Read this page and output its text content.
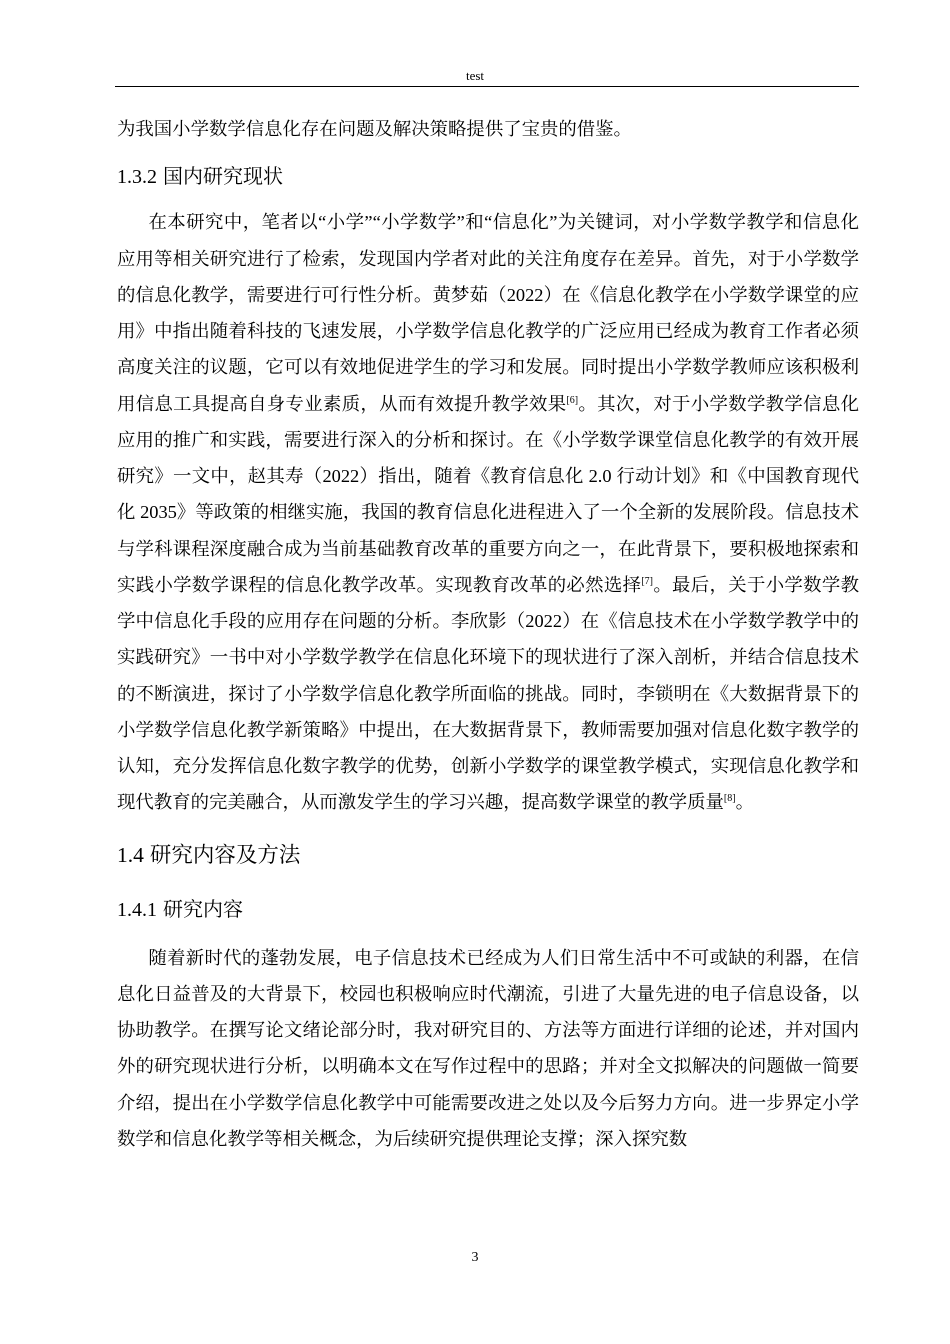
test

为我国小学数学信息化存在问题及解决策略提供了宝贵的借鉴。

1.3.2 国内研究现状

在本研究中，笔者以“小学”“小学数学”和“信息化”为关键词，对小学数学教学和信息化应用等相关研究进行了检索，发现国内学者对此的关注角度存在差异。首先，对于小学数学的信息化教学，需要进行可行性分析。黄梦茹（2022）在《信息化教学在小学数学课堂的应用》中指出随着科技的飞速发展，小学数学信息化教学的广泛应用已经成为教育工作者必须高度关注的议题，它可以有效地促进学生的学习和发展。同时提出小学数学教师应该积极利用信息工具提高自身专业素质，从而有效提升教学效果[6]。其次，对于小学数学教学信息化应用的推广和实践，需要进行深入的分析和探讨。在《小学数学课堂信息化教学的有效开展研究》一文中，赵其寿（2022）指出，随着《教育信息化 2.0 行动计划》和《中国教育现代化 2035》等政策的相继实施，我国的教育信息化进程进入了一个全新的发展阶段。信息技术与学科课程深度融合成为当前基础教育改革的重要方向之一，在此背景下，要积极地探索和实践小学数学课程的信息化教学改革。实现教育改革的必然选择[7]。最后，关于小学数学教学中信息化手段的应用存在问题的分析。李欣影（2022）在《信息技术在小学数学教学中的实践研究》一书中对小学数学教学在信息化环境下的现状进行了深入剖析，并结合信息技术的不断演进，探讨了小学数学信息化教学所面临的挑战。同时，李锁明在《大数据背景下的小学数学信息化教学新策略》中提出，在大数据背景下，教师需要加强对信息化数字教学的认知，充分发挥信息化数字教学的优势，创新小学数学的课堂教学模式，实现信息化教学和现代教育的完美融合，从而激发学生的学习兴趣，提高数学课堂的教学质量[8]。

1.4 研究内容及方法
1.4.1 研究内容

随着新时代的蓬勃发展，电子信息技术已经成为人们日常生活中不可或缺的利器，在信息化日益普及的大背景下，校园也积极响应时代潮流，引进了大量先进的电子信息设备，以协助教学。在撰写论文绪论部分时，我对研究目的、方法等方面进行详细的论述，并对国内外的研究现状进行分析，以明确本文在写作过程中的思路；并对全文拟解决的问题做一简要介绍，提出在小学数学信息化教学中可能需要改进之处以及今后努力方向。进一步界定小学数学和信息化教学等相关概念，为后续研究提供理论支撑；深入探究数

3
